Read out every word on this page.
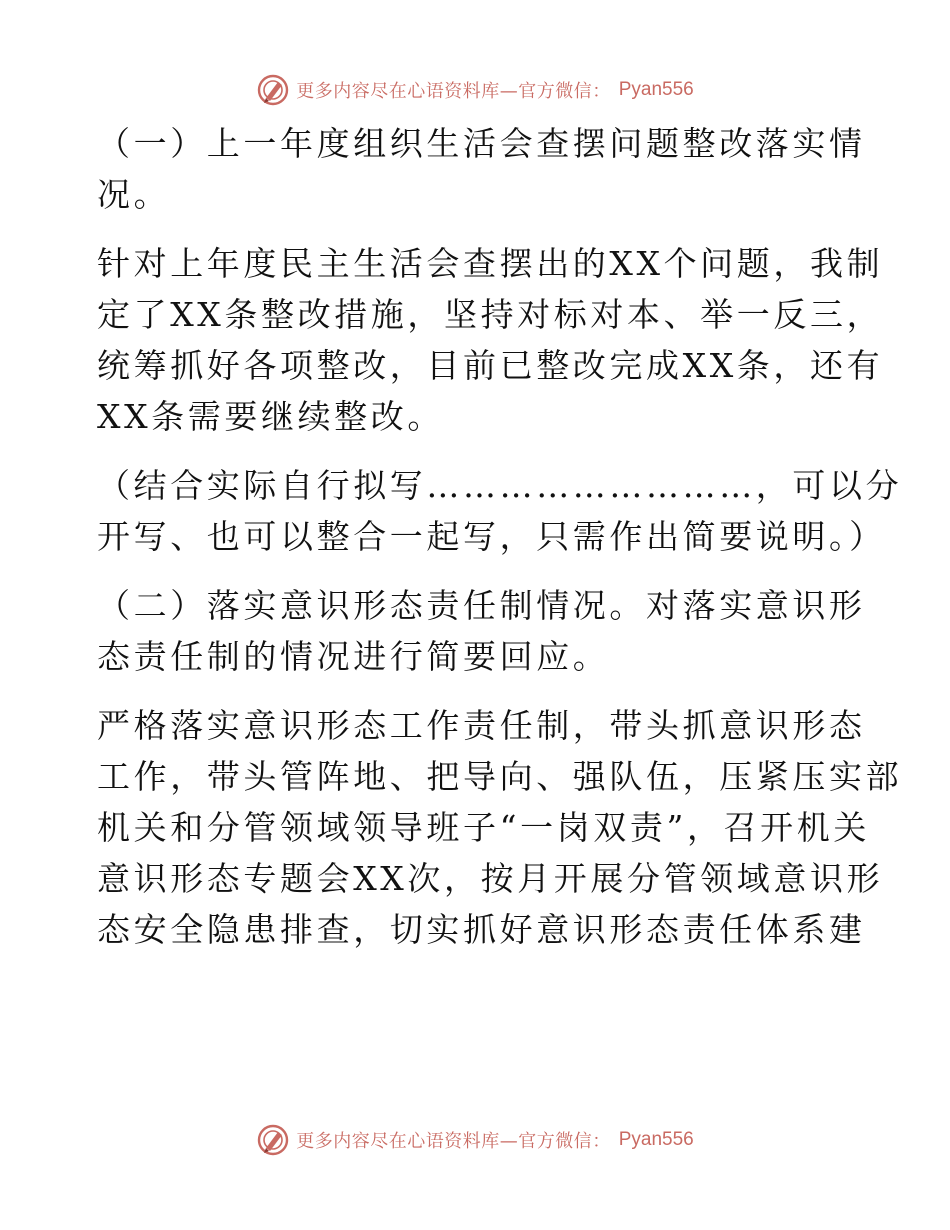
更多内容尽在心语资料库—官方微信： Pyan556

（一）上一年度组织生活会查摆问题整改落实情
况。

针对上年度民主生活会查摆出的XX个问题，我制
定了XX条整改措施，坚持对标对本、举一反三，
统筹抓好各项整改，目前已整改完成XX条，还有
XX条需要继续整改。

（结合实际自行拟写………………………，可以分
开写、也可以整合一起写，只需作出简要说明。）

（二）落实意识形态责任制情况。对落实意识形
态责任制的情况进行简要回应。

严格落实意识形态工作责任制，带头抓意识形态
工作，带头管阵地、把导向、强队伍，压紧压实部
机关和分管领域领导班子“一岗双责”，召开机关
意识形态专题会XX次，按月开展分管领域意识形
态安全隐患排查，切实抓好意识形态责任体系建

更多内容尽在心语资料库—官方微信： Pyan556
